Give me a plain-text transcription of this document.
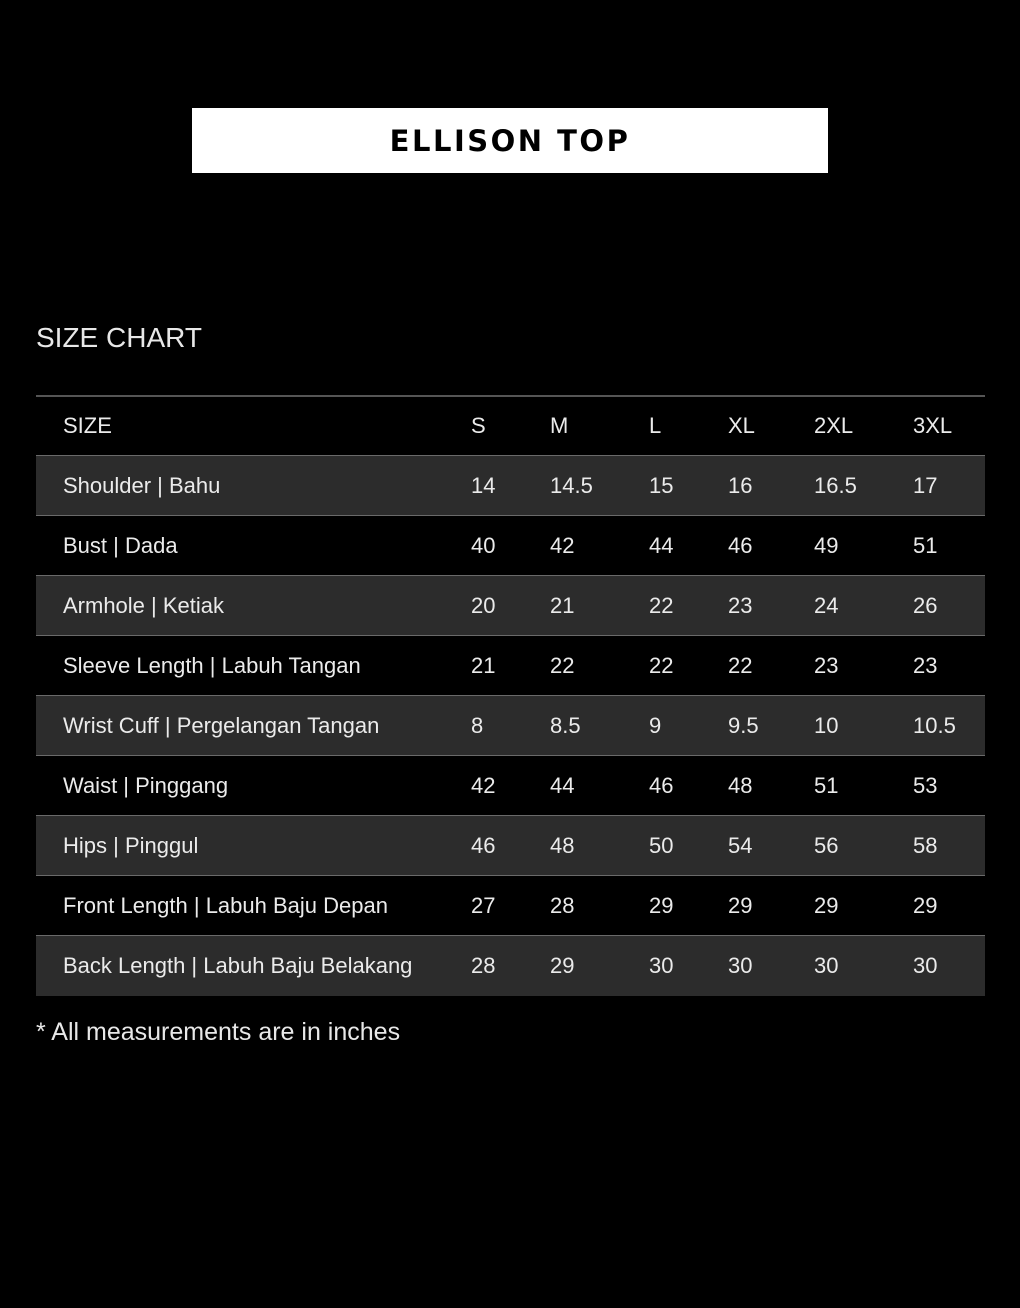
ELLISON TOP
SIZE CHART
SIZE	S	M	L	XL	2XL	3XL
Shoulder | Bahu	14	14.5	15	16	16.5	17
Bust | Dada	40	42	44	46	49	51
Armhole | Ketiak	20	21	22	23	24	26
Sleeve Length | Labuh Tangan	21	22	22	22	23	23
Wrist Cuff | Pergelangan Tangan	8	8.5	9	9.5	10	10.5
Waist | Pinggang	42	44	46	48	51	53
Hips | Pinggul	46	48	50	54	56	58
Front Length | Labuh Baju Depan	27	28	29	29	29	29
Back Length | Labuh Baju Belakang	28	29	30	30	30	30
* All measurements are in inches
